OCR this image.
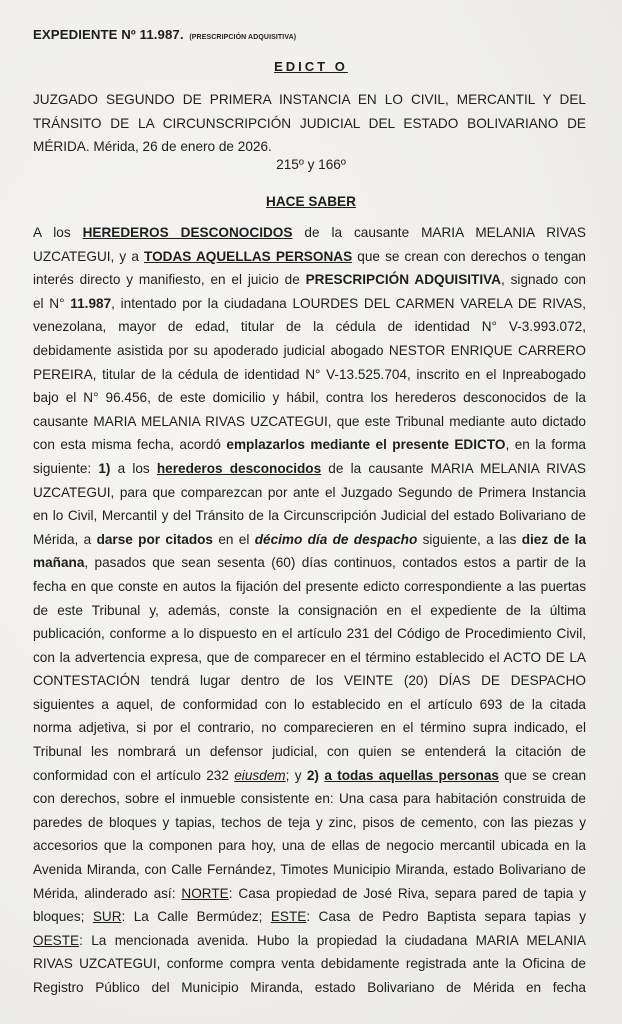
EXPEDIENTE Nº 11.987. (PRESCRIPCIÓN ADQUISITIVA)
EDICT O
JUZGADO SEGUNDO DE PRIMERA INSTANCIA EN LO CIVIL, MERCANTIL Y DEL
TRÁNSITO DE LA CIRCUNSCRIPCIÓN JUDICIAL DEL ESTADO BOLIVARIANO DE
MÉRIDA. Mérida, 26 de enero de 2026.
215º y 166º
HACE SABER
A los HEREDEROS DESCONOCIDOS de la causante MARIA MELANIA RIVAS
UZCATEGUI, y a TODAS AQUELLAS PERSONAS que se crean con derechos o tengan
interés directo y manifiesto, en el juicio de PRESCRIPCIÓN ADQUISITIVA, signado con
el N° 11.987, intentado por la ciudadana LOURDES DEL CARMEN VARELA DE RIVAS,
venezolana, mayor de edad, titular de la cédula de identidad N° V-3.993.072,
debidamente asistida por su apoderado judicial abogado NESTOR ENRIQUE CARRERO
PEREIRA, titular de la cédula de identidad N° V-13.525.704, inscrito en el Inpreabogado
bajo el N° 96.456, de este domicilio y hábil, contra los herederos desconocidos de la
causante MARIA MELANIA RIVAS UZCATEGUI, que este Tribunal mediante auto dictado
con esta misma fecha, acordó emplazarlos mediante el presente EDICTO, en la forma
siguiente: 1) a los herederos desconocidos de la causante MARIA MELANIA RIVAS
UZCATEGUI, para que comparezcan por ante el Juzgado Segundo de Primera Instancia
en lo Civil, Mercantil y del Tránsito de la Circunscripción Judicial del estado Bolivariano de
Mérida, a darse por citados en el décimo día de despacho siguiente, a las diez de la
mañana, pasados que sean sesenta (60) días continuos, contados estos a partir de la
fecha en que conste en autos la fijación del presente edicto correspondiente a las puertas
de este Tribunal y, además, conste la consignación en el expediente de la última
publicación, conforme a lo dispuesto en el artículo 231 del Código de Procedimiento Civil,
con la advertencia expresa, que de comparecer en el término establecido el ACTO DE LA
CONTESTACIÓN tendrá lugar dentro de los VEINTE (20) DÍAS DE DESPACHO
siguientes a aquel, de conformidad con lo establecido en el artículo 693 de la citada
norma adjetiva, si por el contrario, no comparecieren en el término supra indicado, el
Tribunal les nombrará un defensor judicial, con quien se entenderá la citación de
conformidad con el artículo 232 eiusdem; y 2) a todas aquellas personas que se crean
con derechos, sobre el inmueble consistente en: Una casa para habitación construida de
paredes de bloques y tapias, techos de teja y zinc, pisos de cemento, con las piezas y
accesorios que la componen para hoy, una de ellas de negocio mercantil ubicada en la
Avenida Miranda, con Calle Fernández, Timotes Municipio Miranda, estado Bolivariano de
Mérida, alinderado así: NORTE: Casa propiedad de José Riva, separa pared de tapia y
bloques; SUR: La Calle Bermúdez; ESTE: Casa de Pedro Baptista separa tapias y
OESTE: La mencionada avenida. Hubo la propiedad la ciudadana MARIA MELANIA
RIVAS UZCATEGUI, conforme compra venta debidamente registrada ante la Oficina de
Registro Público del Municipio Miranda, estado Bolivariano de Mérida en fecha
